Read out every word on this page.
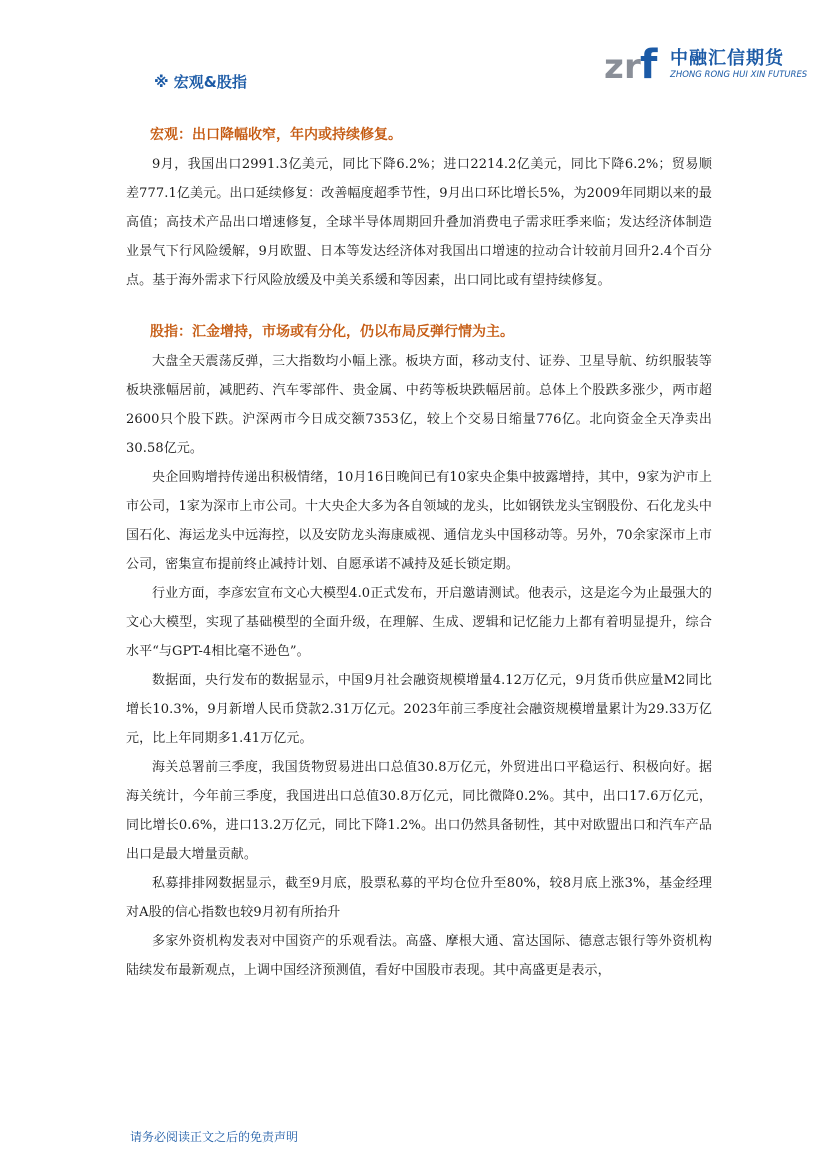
z r f 中融汇信期货
ZHONG RONG HUI XIN FUTURES
※ 宏观&股指
宏观：出口降幅收窄，年内或持续修复。

9月，我国出口2991.3亿美元，同比下降6.2%；进口2214.2亿美元，同比下降6.2%；贸易顺差777.1亿美元。出口延续修复：改善幅度超季节性，9月出口环比增长5%，为2009年同期以来的最高值；高技术产品出口增速修复，全球半导体周期回升叠加消费电子需求旺季来临；发达经济体制造业景气下行风险缓解，9月欧盟、日本等发达经济体对我国出口增速的拉动合计较前月回升2.4个百分点。基于海外需求下行风险放缓及中美关系缓和等因素，出口同比或有望持续修复。

股指：汇金增持，市场或有分化，仍以布局反弹行情为主。

大盘全天震荡反弹，三大指数均小幅上涨。板块方面，移动支付、证券、卫星导航、纺织服装等板块涨幅居前，减肥药、汽车零部件、贵金属、中药等板块跌幅居前。总体上个股跌多涨少，两市超2600只个股下跌。沪深两市今日成交额7353亿，较上个交易日缩量776亿。北向资金全天净卖出30.58亿元。

央企回购增持传递出积极情绪，10月16日晚间已有10家央企集中披露增持，其中，9家为沪市上市公司，1家为深市上市公司。十大央企大多为各自领域的龙头，比如钢铁龙头宝钢股份、石化龙头中国石化、海运龙头中远海控，以及安防龙头海康威视、通信龙头中国移动等。另外，70余家深市上市公司，密集宣布提前终止减持计划、自愿承诺不减持及延长锁定期。

行业方面，李彦宏宣布文心大模型4.0正式发布，开启邀请测试。他表示，这是迄今为止最强大的文心大模型，实现了基础模型的全面升级，在理解、生成、逻辑和记忆能力上都有着明显提升，综合水平“与GPT-4相比毫不逊色”。

数据面，央行发布的数据显示，中国9月社会融资规模增量4.12万亿元，9月货币供应量M2同比增长10.3%，9月新增人民币贷款2.31万亿元。2023年前三季度社会融资规模增量累计为29.33万亿元，比上年同期多1.41万亿元。

海关总署前三季度，我国货物贸易进出口总值30.8万亿元，外贸进出口平稳运行、积极向好。据海关统计，今年前三季度，我国进出口总值30.8万亿元，同比微降0.2%。其中，出口17.6万亿元，同比增长0.6%，进口13.2万亿元，同比下降1.2%。出口仍然具备韧性，其中对欧盟出口和汽车产品出口是最大增量贡献。

私募排排网数据显示，截至9月底，股票私募的平均仓位升至80%，较8月底上涨3%，基金经理对A股的信心指数也较9月初有所抬升

多家外资机构发表对中国资产的乐观看法。高盛、摩根大通、富达国际、德意志银行等外资机构陆续发布最新观点，上调中国经济预测值，看好中国股市表现。其中高盛更是表示，

请务必阅读正文之后的免责声明
